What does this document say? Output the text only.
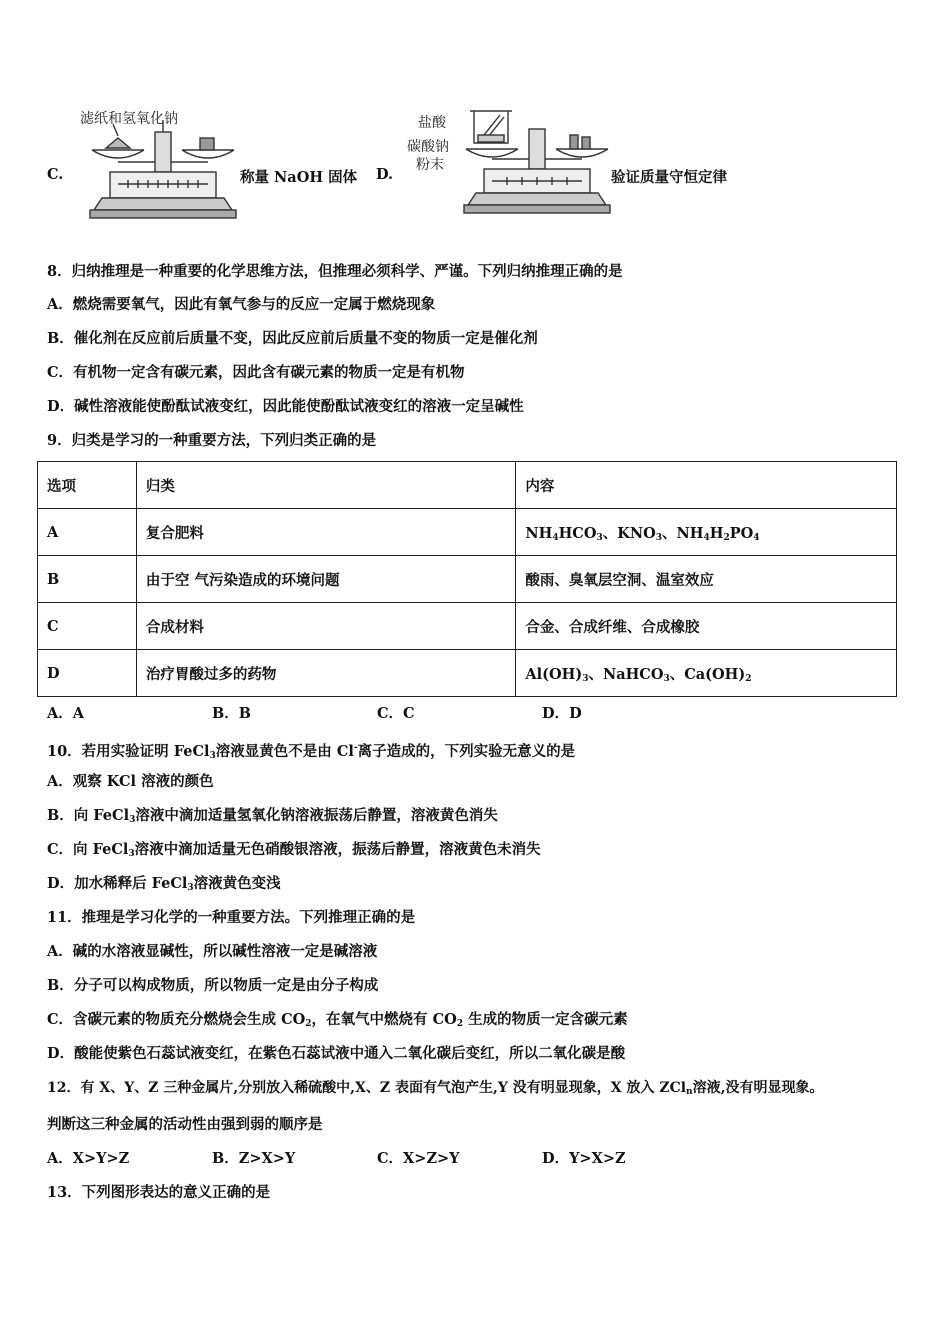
C.
滤纸和氢氧化钠
称量 NaOH 固体 D.
盐酸
碳酸钠
粉末
验证质量守恒定律
8．归纳推理是一种重要的化学思维方法，但推理必须科学、严谨。下列归纳推理正确的是
A．燃烧需要氧气，因此有氧气参与的反应一定属于燃烧现象
B．催化剂在反应前后质量不变，因此反应前后质量不变的物质一定是催化剂
C．有机物一定含有碳元素，因此含有碳元素的物质一定是有机物
D．碱性溶液能使酚酞试液变红，因此能使酚酞试液变红的溶液一定呈碱性
9．归类是学习的一种重要方法，下列归类正确的是
选项	归类	内容
A	复合肥料	$NH_4HCO_3$、$KNO_3$、$NH_4H_2PO_4$
B	由于空 气污染造成的环境问题	酸雨、臭氧层空洞、温室效应
C	合成材料	合金、合成纤维、合成橡胶
D	治疗胃酸过多的药物	$Al(OH)_3$、NaHCO$_3$、$Ca(OH)_2$
A．A	B．B	C．C	D．D
10．若用实验证明 FeCl$_3$溶液显黄色不是由 Cl-离子造成的，下列实验无意义的是
A．观察 KCl 溶液的颜色
B．向 FeCl$_3$溶液中滴加适量氢氧化钠溶液振荡后静置，溶液黄色消失
C．向 FeCl$_3$溶液中滴加适量无色硝酸银溶液，振荡后静置，溶液黄色未消失
D．加水稀释后 FeCl$_3$溶液黄色变浅
11．推理是学习化学的一种重要方法。下列推理正确的是
A．碱的水溶液显碱性，所以碱性溶液一定是碱溶液
B．分子可以构成物质，所以物质一定是由分子构成
C．含碳元素的物质充分燃烧会生成 $CO_2$，在氧气中燃烧有 $CO_2$ 生成的物质一定含碳元素
D．酸能使紫色石蕊试液变红，在紫色石蕊试液中通入二氧化碳后变红，所以二氧化碳是酸
12．有 X、Y、Z 三种金属片,分别放入稀硫酸中,X、Z 表面有气泡产生,Y 没有明显现象，X 放入 ZCl$_n$溶液,没有明显现象。
判断这三种金属的活动性由强到弱的顺序是
A．X>Y>Z	B．Z>X>Y	C．X>Z>Y	D．Y>X>Z
13．下列图形表达的意义正确的是
